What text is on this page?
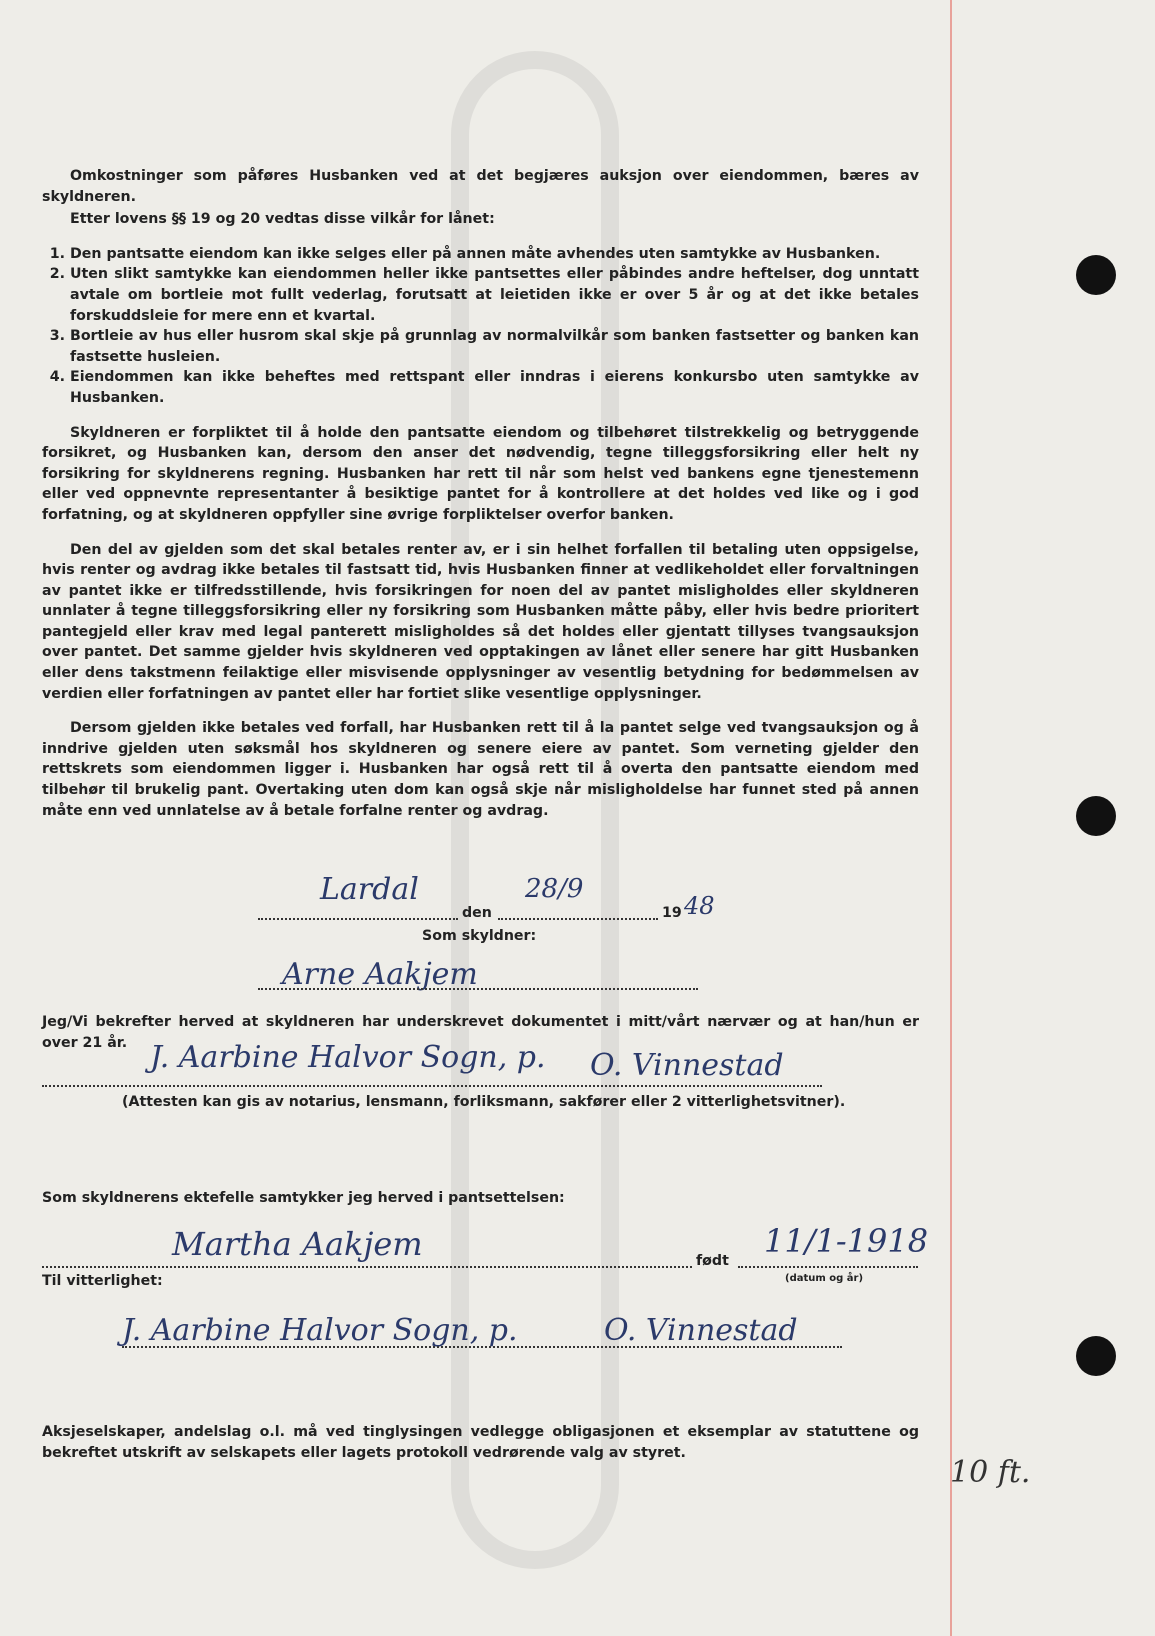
Omkostninger som påføres Husbanken ved at det begjæres auksjon over eiendommen, bæres av skyldneren.

Etter lovens §§ 19 og 20 vedtas disse vilkår for lånet:

1. Den pantsatte eiendom kan ikke selges eller på annen måte avhendes uten samtykke av Husbanken.
2. Uten slikt samtykke kan eiendommen heller ikke pantsettes eller påbindes andre heftelser, dog unntatt avtale om bortleie mot fullt vederlag, forutsatt at leietiden ikke er over 5 år og at det ikke betales forskuddsleie for mere enn et kvartal.
3. Bortleie av hus eller husrom skal skje på grunnlag av normalvilkår som banken fastsetter og banken kan fastsette husleien.
4. Eiendommen kan ikke beheftes med rettspant eller inndras i eierens konkursbo uten samtykke av Husbanken.

Skyldneren er forpliktet til å holde den pantsatte eiendom og tilbehøret tilstrekkelig og betryggende forsikret, og Husbanken kan, dersom den anser det nødvendig, tegne tilleggsforsikring eller helt ny forsikring for skyldnerens regning. Husbanken har rett til når som helst ved bankens egne tjenestemenn eller ved oppnevnte representanter å besiktige pantet for å kontrollere at det holdes ved like og i god forfatning, og at skyldneren oppfyller sine øvrige forpliktelser overfor banken.

Den del av gjelden som det skal betales renter av, er i sin helhet forfallen til betaling uten oppsigelse, hvis renter og avdrag ikke betales til fastsatt tid, hvis Husbanken finner at vedlikeholdet eller forvaltningen av pantet ikke er tilfredsstillende, hvis forsikringen for noen del av pantet misligholdes eller skyldneren unnlater å tegne tilleggsforsikring eller ny forsikring som Husbanken måtte påby, eller hvis bedre prioritert pantegjeld eller krav med legal panterett misligholdes så det holdes eller gjentatt tillyses tvangsauksjon over pantet. Det samme gjelder hvis skyldneren ved opptakingen av lånet eller senere har gitt Husbanken eller dens takstmenn feilaktige eller misvisende opplysninger av vesentlig betydning for bedømmelsen av verdien eller forfatningen av pantet eller har fortiet slike vesentlige opplysninger.

Dersom gjelden ikke betales ved forfall, har Husbanken rett til å la pantet selge ved tvangsauksjon og å inndrive gjelden uten søksmål hos skyldneren og senere eiere av pantet. Som verneting gjelder den rettskrets som eiendommen ligger i. Husbanken har også rett til å overta den pantsatte eiendom med tilbehør til brukelig pant. Overtaking uten dom kan også skje når misligholdelse har funnet sted på annen måte enn ved unnlatelse av å betale forfalne renter og avdrag.

Lardal
den
28/9
19 48
Som skyldner:
Arne Aakjem
Jeg/Vi bekrefter herved at skyldneren har underskrevet dokumentet i mitt/vårt nærvær og at han/hun er over 21 år. J. Aarbine Halvor Sogn, p. O. Vinnestad
(Attesten kan gis av notarius, lensmann, forliksmann, sakfører eller 2 vitterlighetsvitner).
Som skyldnerens ektefelle samtykker jeg herved i pantsettelsen:
Martha Aakjem	født
11/1-1918
(datum og år)
Til vitterlighet:
J. Aarbine Halvor Sogn, p.	O. Vinnestad
Aksjeselskaper, andelslag o.l. må ved tinglysingen vedlegge obligasjonen et eksemplar av statuttene og bekreftet utskrift av selskapets eller lagets protokoll vedrørende valg av styret.
10 ft.
